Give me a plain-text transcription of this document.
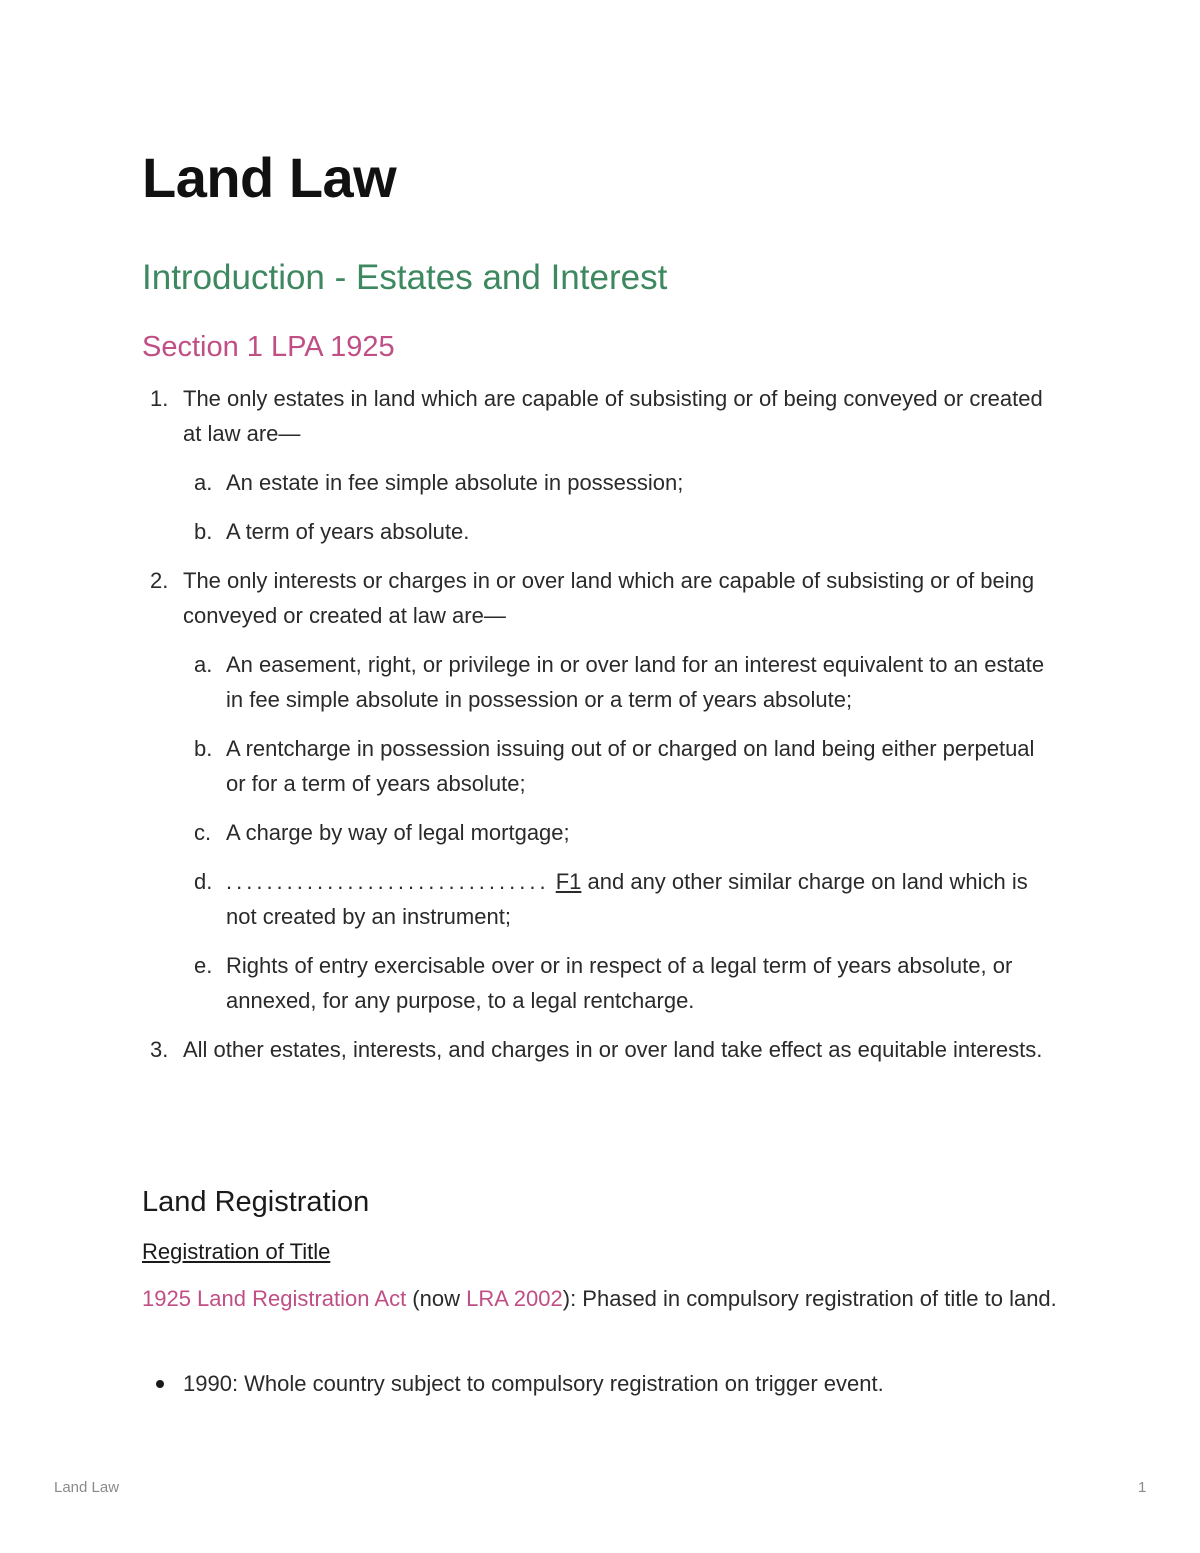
Land Law
Introduction - Estates and Interest
Section 1 LPA 1925
1. The only estates in land which are capable of subsisting or of being conveyed or created at law are—
a. An estate in fee simple absolute in possession;
b. A term of years absolute.
2. The only interests or charges in or over land which are capable of subsisting or of being conveyed or created at law are—
a. An easement, right, or privilege in or over land for an interest equivalent to an estate in fee simple absolute in possession or a term of years absolute;
b. A rentcharge in possession issuing out of or charged on land being either perpetual or for a term of years absolute;
c. A charge by way of legal mortgage;
d. ................................ F1 and any other similar charge on land which is not created by an instrument;
e. Rights of entry exercisable over or in respect of a legal term of years absolute, or annexed, for any purpose, to a legal rentcharge.
3. All other estates, interests, and charges in or over land take effect as equitable interests.
Land Registration
Registration of Title

1925 Land Registration Act (now LRA 2002): Phased in compulsory registration of title to land.

1990: Whole country subject to compulsory registration on trigger event.
Land Law	1
